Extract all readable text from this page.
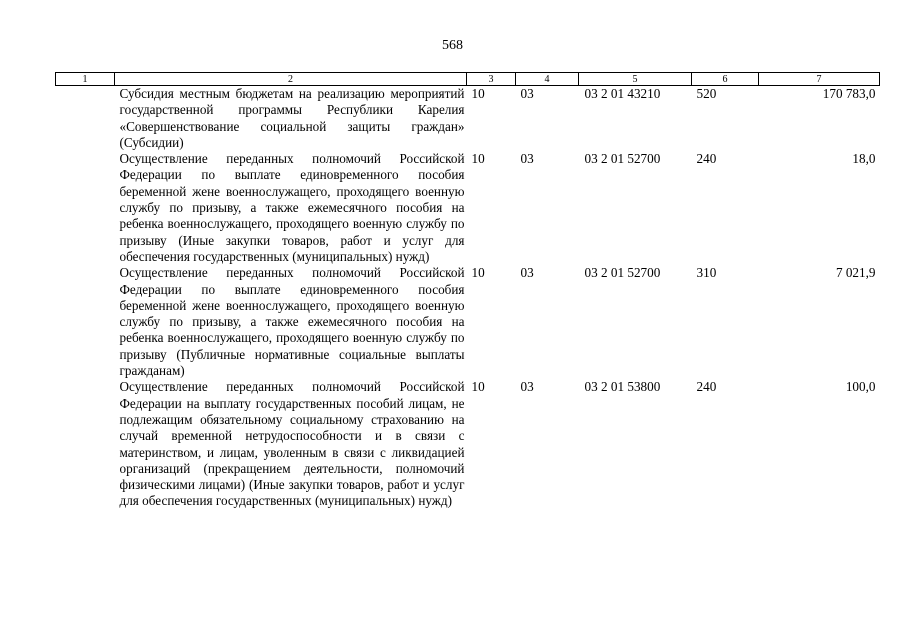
568
1	2	3	4	5	6	7
	Субсидия местным бюджетам на реализацию мероприятий государственной программы Республики Карелия «Совершенствование социальной защиты граждан» (Субсидии)	10	03	03 2 01 43210	520	170 783,0
	Осуществление переданных полномочий Российской Федерации по выплате единовременного пособия беременной жене военнослужащего, проходящего военную службу по призыву, а также ежемесячного пособия на ребенка военнослужащего, проходящего военную службу по призыву (Иные закупки товаров, работ и услуг для обеспечения государственных (муниципальных) нужд)	10	03	03 2 01 52700	240	18,0
	Осуществление переданных полномочий Российской Федерации по выплате единовременного пособия беременной жене военнослужащего, проходящего военную службу по призыву, а также ежемесячного пособия на ребенка военнослужащего, проходящего военную службу по призыву (Публичные нормативные социальные выплаты гражданам)	10	03	03 2 01 52700	310	7 021,9
	Осуществление переданных полномочий Российской Федерации на выплату государственных пособий лицам, не подлежащим обязательному социальному страхованию на случай временной нетрудоспособности и в связи с материнством, и лицам, уволенным в связи с ликвидацией организаций (прекращением деятельности, полномочий физическими лицами) (Иные закупки товаров, работ и услуг для обеспечения государственных (муниципальных) нужд)	10	03	03 2 01 53800	240	100,0
